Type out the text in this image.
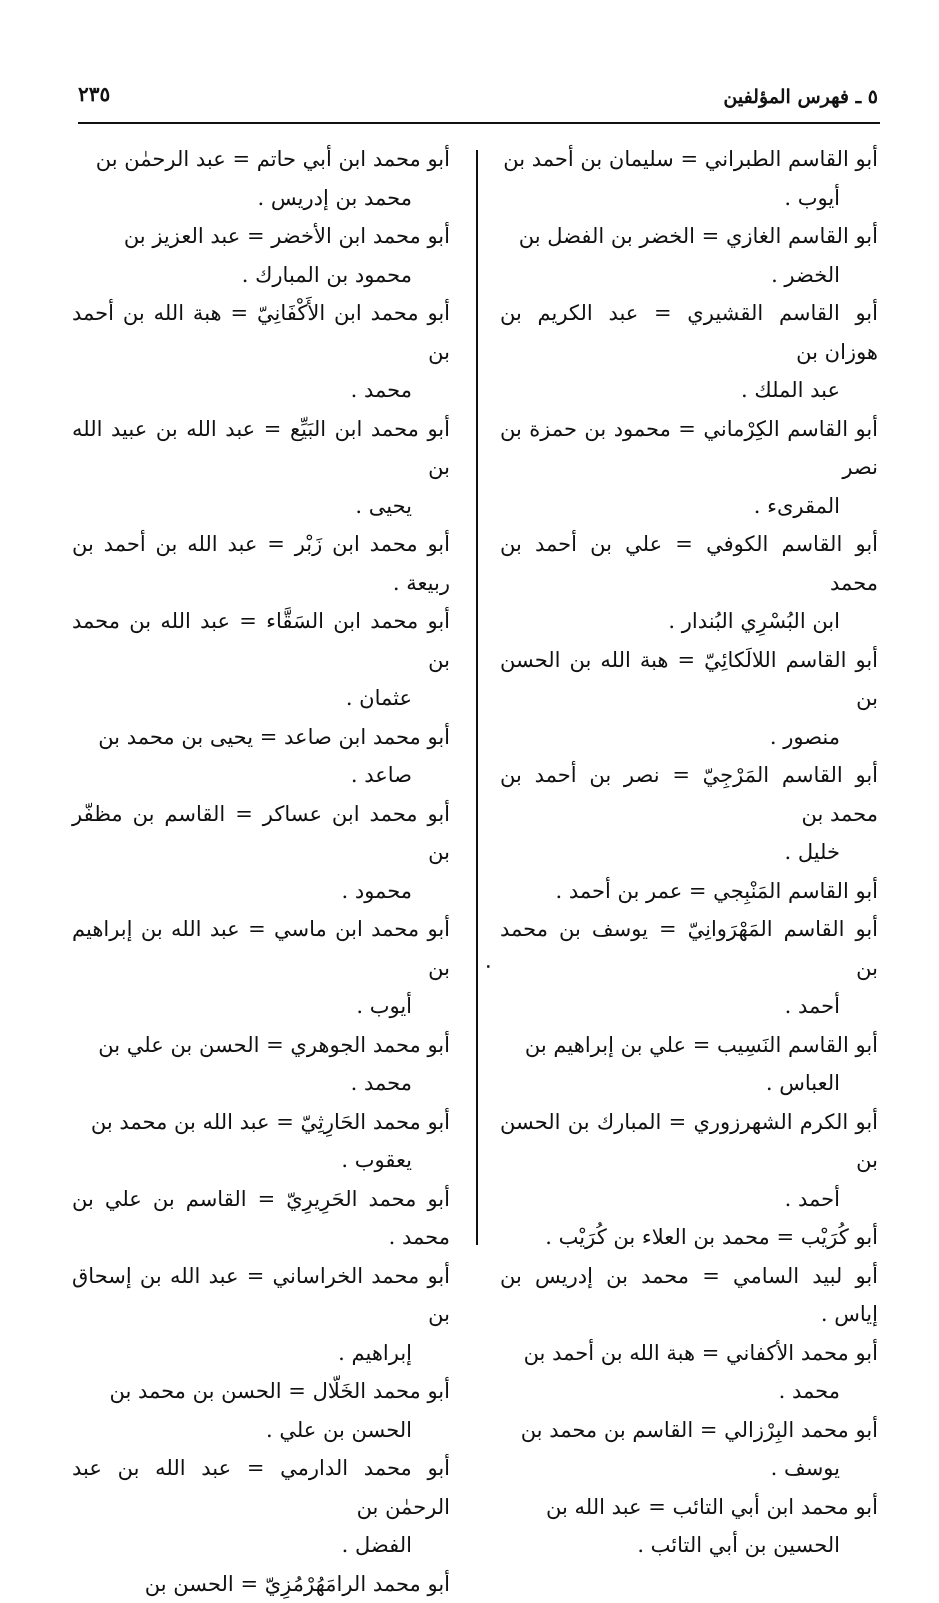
٢٣٥	٥ ـ فهرس المؤلفين

أبو القاسم الطبراني = سليمان بن أحمد بن
أيوب .

أبو القاسم الغازي = الخضر بن الفضل بن
الخضر .

أبو القاسم القشيري = عبد الكريم بن هوزان بن
عبد الملك .

أبو القاسم الكِرْماني = محمود بن حمزة بن نصر
المقرىء .

أبو القاسم الكوفي = علي بن أحمد بن محمد
ابن البُسْرِي البُندار .

أبو القاسم اللالَكائِيّ = هبة الله بن الحسن بن
منصور .

أبو القاسم المَرْجِيّ = نصر بن أحمد بن محمد بن
خليل .

أبو القاسم المَنْبِجي = عمر بن أحمد .

أبو القاسم المَهْرَوانِيّ = يوسف بن محمد بن
أحمد .

أبو القاسم النَسِيب = علي بن إبراهيم بن
العباس .

أبو الكرم الشهرزوري = المبارك بن الحسن بن
أحمد .

أبو كُرَيْب = محمد بن العلاء بن كُرَيْب .

أبو لبيد السامي = محمد بن إدريس بن إياس .

أبو محمد الأكفاني = هبة الله بن أحمد بن
محمد .

أبو محمد البِرْزالي = القاسم بن محمد بن
يوسف .

أبو محمد ابن أبي التائب = عبد الله بن
الحسين بن أبي التائب .

أبو محمد ابن أبي حاتم = عبد الرحمٰن بن
محمد بن إدريس .

أبو محمد ابن الأخضر = عبد العزيز بن
محمود بن المبارك .

أبو محمد ابن الأَكْفَانِيّ = هبة الله بن أحمد بن
محمد .

أبو محمد ابن البَيِّع = عبد الله بن عبيد الله بن
يحيى .

أبو محمد ابن زَبْر = عبد الله بن أحمد بن ربيعة .

أبو محمد ابن السَقَّاء = عبد الله بن محمد بن
عثمان .

أبو محمد ابن صاعد = يحيى بن محمد بن
صاعد .

أبو محمد ابن عساكر = القاسم بن مظفّر بن
محمود .

أبو محمد ابن ماسي = عبد الله بن إبراهيم بن
أيوب .

أبو محمد الجوهري = الحسن بن علي بن
محمد .

أبو محمد الحَارِثِيّ = عبد الله بن محمد بن
يعقوب .

أبو محمد الحَرِيرِيّ = القاسم بن علي بن محمد .

أبو محمد الخراساني = عبد الله بن إسحاق بن
إبراهيم .

أبو محمد الخَلّال = الحسن بن محمد بن
الحسن بن علي .

أبو محمد الدارمي = عبد الله بن عبد الرحمٰن بن
الفضل .

أبو محمد الرامَهُرْمُزِيّ = الحسن بن

٠
